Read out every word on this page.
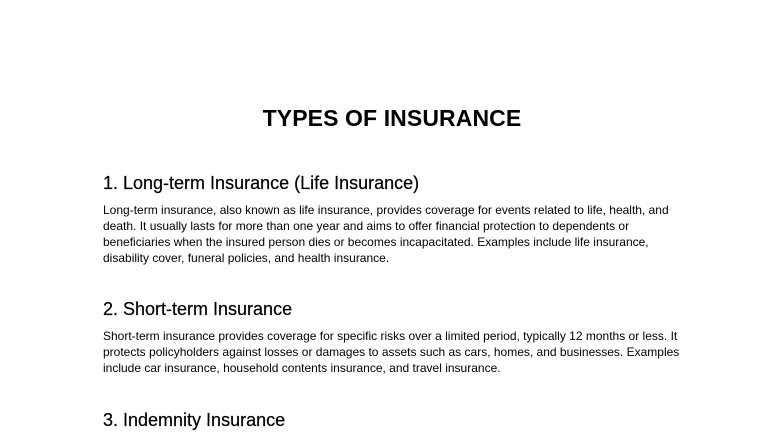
TYPES OF INSURANCE
1. Long-term Insurance (Life Insurance)

Long-term insurance, also known as life insurance, provides coverage for events related to life, health, and death. It usually lasts for more than one year and aims to offer financial protection to dependents or beneficiaries when the insured person dies or becomes incapacitated. Examples include life insurance, disability cover, funeral policies, and health insurance.

2. Short-term Insurance

Short-term insurance provides coverage for specific risks over a limited period, typically 12 months or less. It protects policyholders against losses or damages to assets such as cars, homes, and businesses. Examples include car insurance, household contents insurance, and travel insurance.

3. Indemnity Insurance
